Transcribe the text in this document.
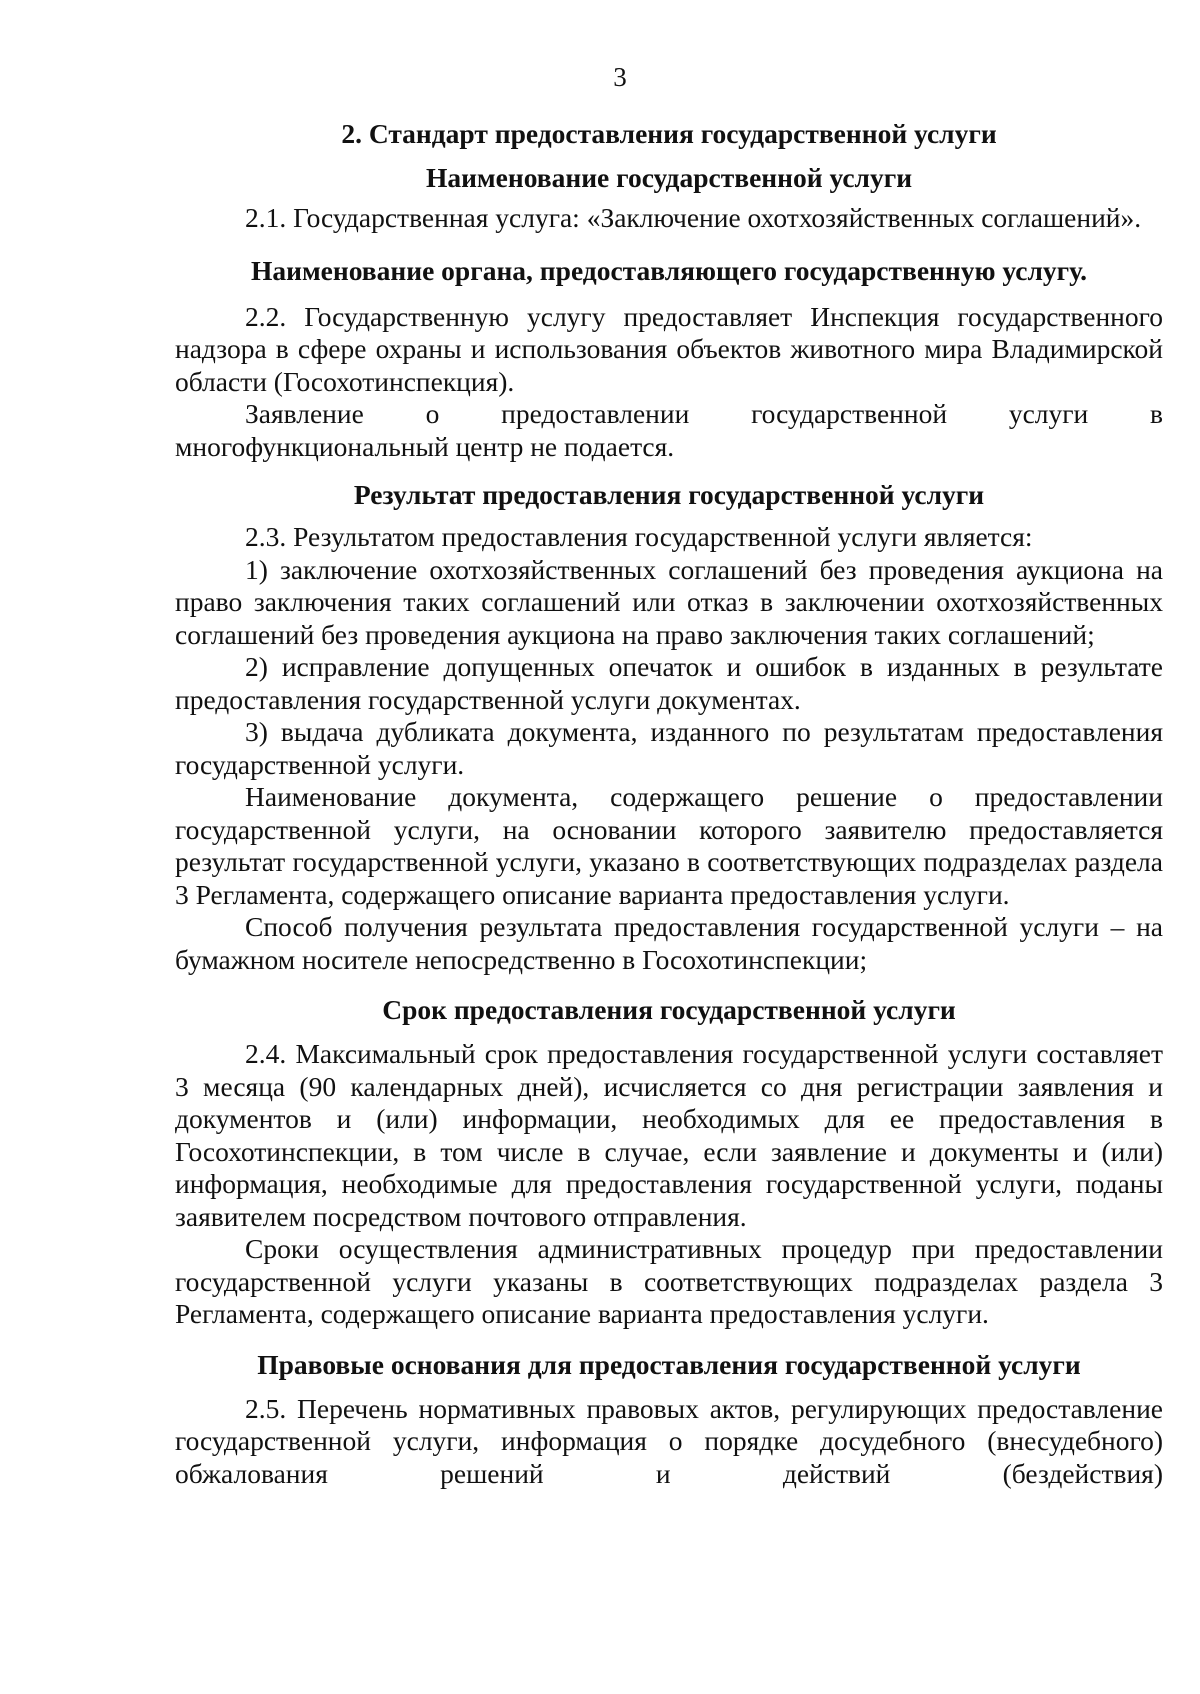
3
2. Стандарт предоставления государственной услуги
Наименование государственной услуги

2.1. Государственная услуга: «Заключение охотхозяйственных соглашений».

Наименование органа, предоставляющего государственную услугу.

2.2. Государственную услугу предоставляет Инспекция государственного надзора в сфере охраны и использования объектов животного мира Владимирской области (Госохотинспекция).

Заявление о предоставлении государственной услуги в многофункциональный центр не подается.

Результат предоставления государственной услуги

2.3. Результатом предоставления государственной услуги является:

1) заключение охотхозяйственных соглашений без проведения аукциона на право заключения таких соглашений или отказ в заключении охотхозяйственных соглашений без проведения аукциона на право заключения таких соглашений;

2) исправление допущенных опечаток и ошибок в изданных в результате предоставления государственной услуги документах.

3) выдача дубликата документа, изданного по результатам предоставления государственной услуги.

Наименование документа, содержащего решение о предоставлении государственной услуги, на основании которого заявителю предоставляется результат государственной услуги, указано в соответствующих подразделах раздела 3 Регламента, содержащего описание варианта предоставления услуги.

Способ получения результата предоставления государственной услуги – на бумажном носителе непосредственно в Госохотинспекции;

Срок предоставления государственной услуги

2.4. Максимальный срок предоставления государственной услуги составляет 3 месяца (90 календарных дней), исчисляется со дня регистрации заявления и документов и (или) информации, необходимых для ее предоставления в Госохотинспекции, в том числе в случае, если заявление и документы и (или) информация, необходимые для предоставления государственной услуги, поданы заявителем посредством почтового отправления.

Сроки осуществления административных процедур при предоставлении государственной услуги указаны в соответствующих подразделах раздела 3 Регламента, содержащего описание варианта предоставления услуги.

Правовые основания для предоставления государственной услуги

2.5. Перечень нормативных правовых актов, регулирующих предоставление государственной услуги, информация о порядке досудебного (внесудебного) обжалования решений и действий (бездействия)
